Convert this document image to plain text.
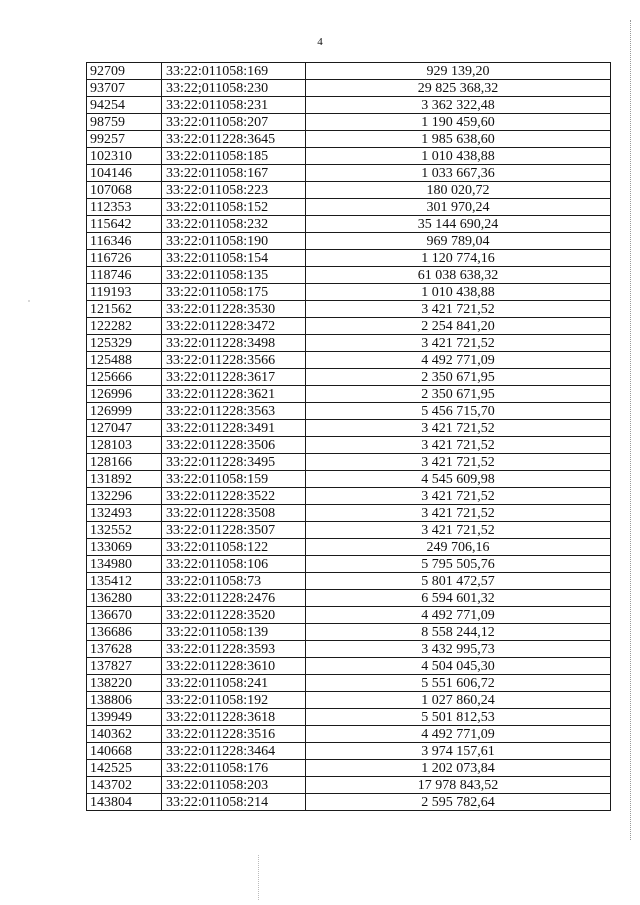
4
92709	33:22:011058:169	929 139,20
93707	33:22;011058:230	29 825 368,32
94254	33:22:011058:231	3 362 322,48
98759	33:22:011058:207	1 190 459,60
99257	33:22:011228:3645	1 985 638,60
102310	33:22:011058:185	1 010 438,88
104146	33:22:011058:167	1 033 667,36
107068	33:22:011058:223	180 020,72
112353	33:22:011058:152	301 970,24
115642	33:22:011058:232	35 144 690,24
116346	33:22:011058:190	969 789,04
116726	33:22:011058:154	1 120 774,16
118746	33:22:011058:135	61 038 638,32
119193	33:22:011058:175	1 010 438,88
121562	33:22:011228:3530	3 421 721,52
122282	33:22:011228:3472	2 254 841,20
125329	33:22:011228:3498	3 421 721,52
125488	33:22:011228:3566	4 492 771,09
125666	33:22:011228:3617	2 350 671,95
126996	33:22:011228:3621	2 350 671,95
126999	33:22:011228:3563	5 456 715,70
127047	33:22:011228:3491	3 421 721,52
128103	33:22:011228:3506	3 421 721,52
128166	33:22:011228:3495	3 421 721,52
131892	33:22:011058:159	4 545 609,98
132296	33:22:011228:3522	3 421 721,52
132493	33:22:011228:3508	3 421 721,52
132552	33:22:011228:3507	3 421 721,52
133069	33:22:011058:122	249 706,16
134980	33:22:011058:106	5 795 505,76
135412	33:22:011058:73	5 801 472,57
136280	33:22:011228:2476	6 594 601,32
136670	33:22:011228:3520	4 492 771,09
136686	33:22:011058:139	8 558 244,12
137628	33:22:011228:3593	3 432 995,73
137827	33:22:011228:3610	4 504 045,30
138220	33:22:011058:241	5 551 606,72
138806	33:22:011058:192	1 027 860,24
139949	33:22:011228:3618	5 501 812,53
140362	33:22:011228:3516	4 492 771,09
140668	33:22:011228:3464	3 974 157,61
142525	33:22:011058:176	1 202 073,84
143702	33:22:011058:203	17 978 843,52
143804	33:22:011058:214	2 595 782,64
